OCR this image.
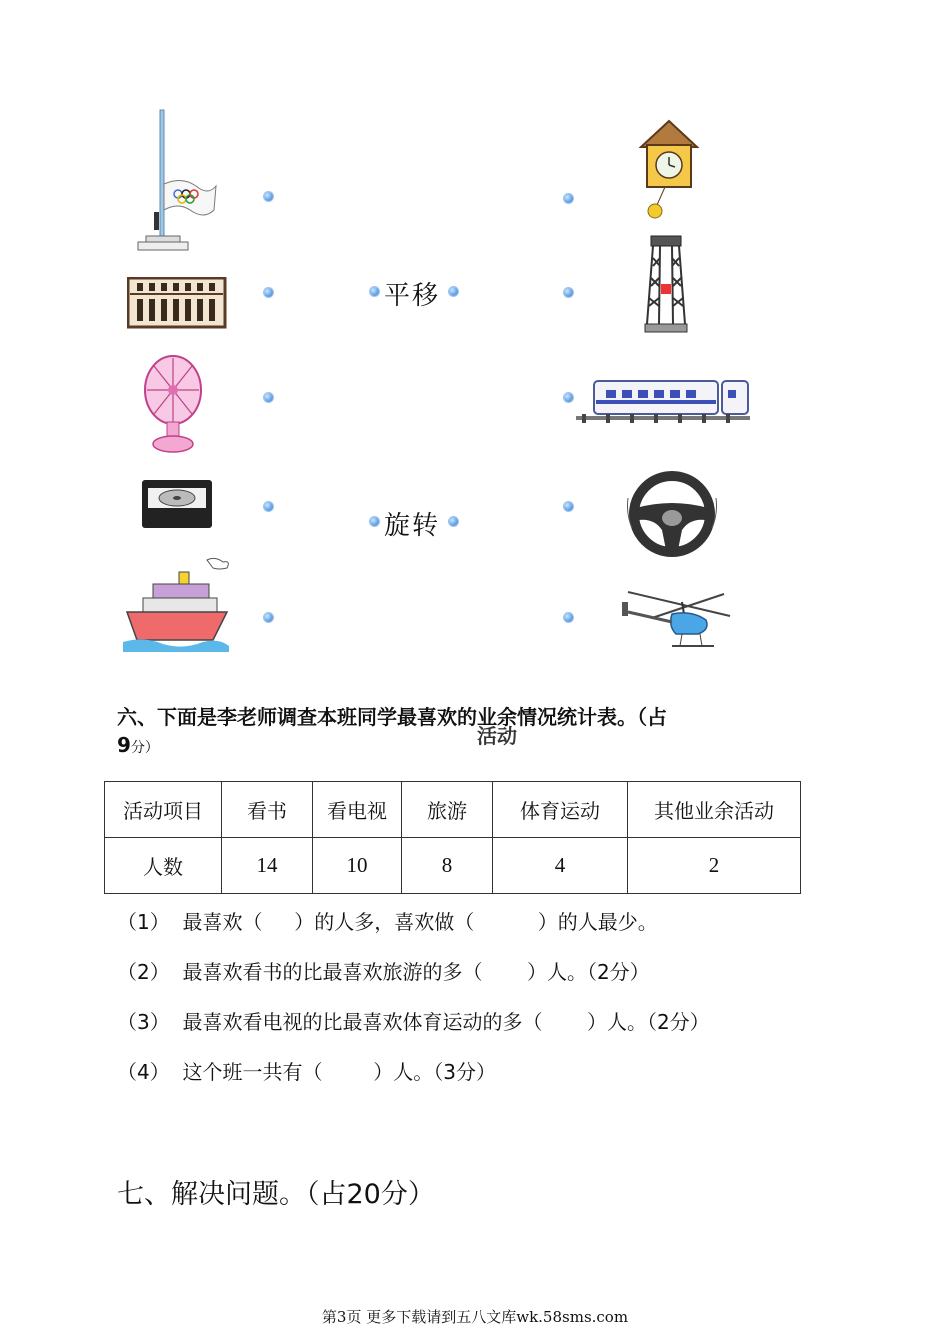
平移
旋转
六、下面是李老师调查本班同学最喜欢的业余
活动
情况统计表。（占
9分）
活动项目	看书	看电视	旅游	体育运动	其他业余活动
人数	14	10	8	4	2
（1）  最喜欢（     ）的人多，喜欢做（          ）的人最少。
（2）  最喜欢看书的比最喜欢旅游的多（       ）人。（2分）
（3）  最喜欢看电视的比最喜欢体育运动的多（       ）人。（2分）
（4）  这个班一共有（        ）人。（3分）
七、解决问题。（占20分）
第3页 更多下载请到五八文库wk.58sms.com
